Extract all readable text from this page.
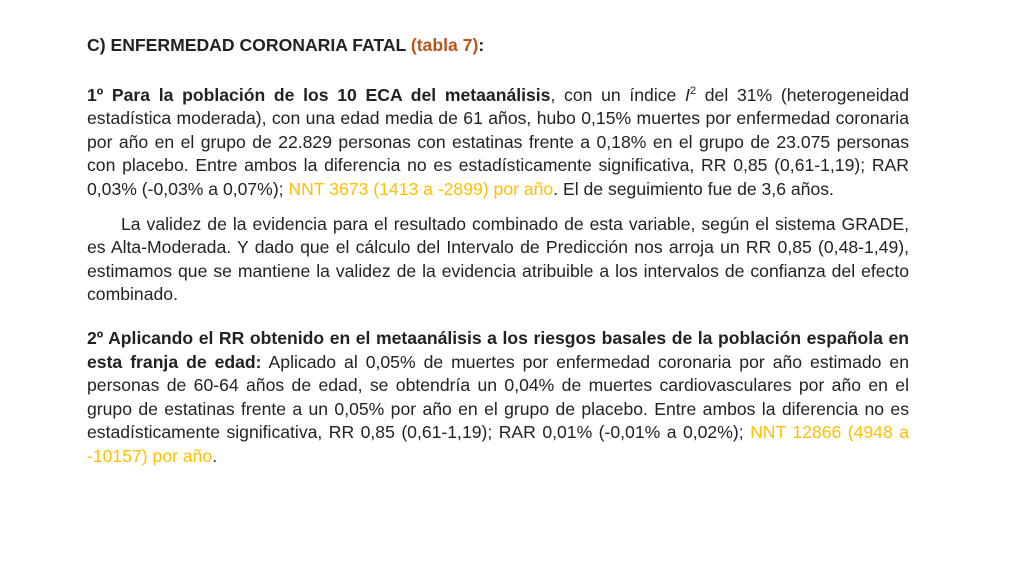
C) ENFERMEDAD CORONARIA FATAL (tabla 7):

1º Para la población de los 10 ECA del metaanálisis, con un índice $I^2$ del 31% (heterogeneidad estadística moderada), con una edad media de 61 años, hubo 0,15% muertes por enfermedad coronaria por año en el grupo de 22.829 personas con estatinas frente a 0,18% en el grupo de 23.075 personas con placebo. Entre ambos la diferencia no es estadísticamente significativa, RR 0,85 (0,61-1,19); RAR 0,03% (-0,03% a 0,07%); NNT 3673 (1413 a -2899) por año. El de seguimiento fue de 3,6 años.

La validez de la evidencia para el resultado combinado de esta variable, según el sistema GRADE, es Alta-Moderada. Y dado que el cálculo del Intervalo de Predicción nos arroja un RR 0,85 (0,48-1,49), estimamos que se mantiene la validez de la evidencia atribuible a los intervalos de confianza del efecto combinado.

2º Aplicando el RR obtenido en el metaanálisis a los riesgos basales de la población española en esta franja de edad: Aplicado al 0,05% de muertes por enfermedad coronaria por año estimado en personas de 60-64 años de edad, se obtendría un 0,04% de muertes cardiovasculares por año en el grupo de estatinas frente a un 0,05% por año en el grupo de placebo. Entre ambos la diferencia no es estadísticamente significativa, RR 0,85 (0,61-1,19); RAR 0,01% (-0,01% a 0,02%); NNT 12866 (4948 a -10157) por año.
